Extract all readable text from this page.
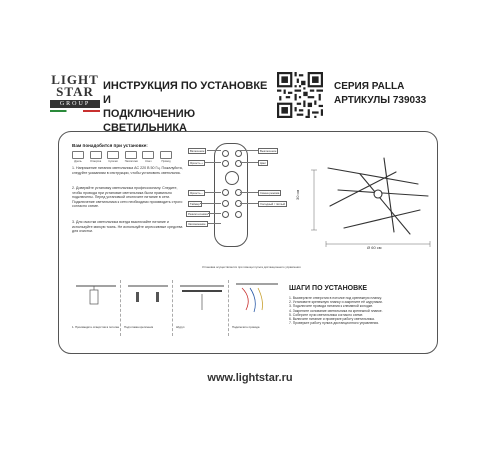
LIGHT
STAR
GROUP
ИНСТРУКЦИЯ ПО УСТАНОВКЕ И
ПОДКЛЮЧЕНИЮ СВЕТИЛЬНИКА
СЕРИЯ PALLA
АРТИКУЛЫ 739033
Вам понадобится при установке:
Дрель	Отвертка	Кусачки	Пассатижи	Ключ	Провод
1. Напряжение питания светильника AC 220 В 50 Гц. Пожалуйста, следуйте указаниям в инструкции, чтобы установить светильник.
2. Доверяйте установку светильника профессионалу. Следите, чтобы провода при установке светильника были правильно подключены. Перед установкой отключите питание в сети. Подключение светильника к сети необходимо производить строго согласно схеме.
3. Для очистки светильника всегда выключайте питание и используйте мягкую ткань. Не используйте агрессивные средства для очистки.
Включение
Яркость +
Яркость −
Таймер
Режим ночника
Запоминание
Выключение
Цвет
Смена режима
Холодный / тёплый
Установка осуществляется при помощи пульта дистанционного управления
30 см
Ø 60 см
1. Произведите отверстия в потолке	Подготовка крепления	Шуруп	Подключите провода
ШАГИ ПО УСТАНОВКЕ
1. Высверлите отверстия в потолке под крепежную планку.
2. Установите крепежную планку и закрепите её шурупами.
3. Подключите провода питания к клеммной колодке.
4. Закрепите основание светильника на крепежной планке.
5. Соберите лучи светильника согласно схеме.
6. Включите питание и проверьте работу светильника.
7. Проверьте работу пульта дистанционного управления.
www.lightstar.ru
